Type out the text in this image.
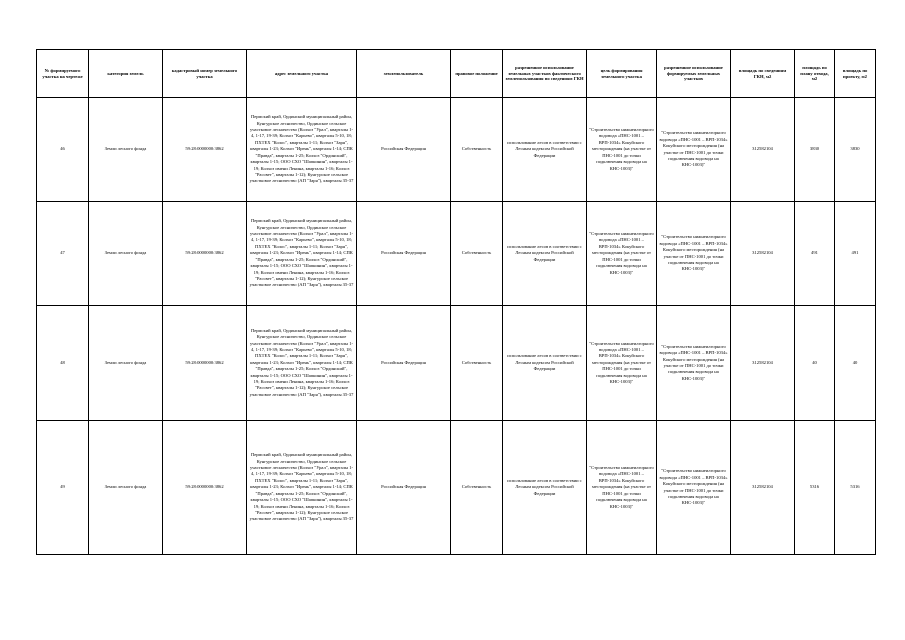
№ формируемого участка на чертеже	категория земель	кадастровый номер земельного участка	адрес земельного участка	землепользователь	правовое положение	разрешенное использование земельных участков фактического землепользования по сведениям ГКН	цель формирования земельного участка	разрешенное использование формируемых земельных участков	площадь по сведениям ГКН, м2	площадь по плану отвода, м2	площадь по проекту, м2
46	Земли лесного фонда	59:28:0000000:3862	Пермский край, Ординский муниципальный район, Кунгурское лесничество, Ординское сельское участковое лесничество (Колхоз "Урал", кварталы 1-4, 1-17, 19-39; Колхоз "Карьево", кварталы 5-10, 18; ПХТЕХ "Колос", кварталы 1-11; Колхоз "Заря", кварталы 1-23; Колхоз "Ирень", кварталы 1-14; СПК "Правда", кварталы 1-25; Колхоз "Ординский", кварталы 1-15; ООО СХО "Шапкинин", кварталы 1-19; Колхоз имени Ленина, кварталы 1-16; Колхоз "Рассвет", кварталы 1-12); Кунгурское сельское участковое лесничество (АП "Заря"), кварталы 35-37	Российская Федерация	Собственность	использование лесов в соответствии с Лесным кодексом Российской Федерации	"Строительство нижнеилгорного водовода «ПНС-1001 – ВРП-1034» Кокуйского месторождения (на участке от ПНС-1001 до точки подключения водовода на КНС-1003)"	"Строительство нижнеилгорного водовода «ПНС-1001 – ВРП-1034» Кокуйского месторождения (на участке от ПНС-1001 до точки подключения водовода на КНС-1003)"	312582104	3830	3830
47	Земли лесного фонда	59:28:0000000:3862	Пермский край, Ординский муниципальный район, Кунгурское лесничество, Ординское сельское участковое лесничество (Колхоз "Урал", кварталы 1-4, 1-17, 19-39; Колхоз "Карьево", кварталы 5-10, 18; ПХТЕХ "Колос", кварталы 1-11; Колхоз "Заря", кварталы 1-23; Колхоз "Ирень", кварталы 1-14; СПК "Правда", кварталы 1-25; Колхоз "Ординский", кварталы 1-15; ООО СХО "Шапкинин", кварталы 1-19; Колхоз имени Ленина, кварталы 1-16; Колхоз "Рассвет", кварталы 1-12); Кунгурское сельское участковое лесничество (АП "Заря"), кварталы 35-37	Российская Федерация	Собственность	использование лесов в соответствии с Лесным кодексом Российской Федерации	"Строительство нижнеилгорного водовода «ПНС-1001 – ВРП-1034» Кокуйского месторождения (на участке от ПНС-1001 до точки подключения водовода на КНС-1003)"	"Строительство нижнеилгорного водовода «ПНС-1001 – ВРП-1034» Кокуйского месторождения (на участке от ПНС-1001 до точки подключения водовода на КНС-1003)"	312582104	491	491
48	Земли лесного фонда	59:28:0000000:3862	Пермский край, Ординский муниципальный район, Кунгурское лесничество, Ординское сельское участковое лесничество (Колхоз "Урал", кварталы 1-4, 1-17, 19-39; Колхоз "Карьево", кварталы 5-10, 18; ПХТЕХ "Колос", кварталы 1-11; Колхоз "Заря", кварталы 1-23; Колхоз "Ирень", кварталы 1-14; СПК "Правда", кварталы 1-25; Колхоз "Ординский", кварталы 1-15; ООО СХО "Шапкинин", кварталы 1-19; Колхоз имени Ленина, кварталы 1-16; Колхоз "Рассвет", кварталы 1-12); Кунгурское сельское участковое лесничество (АП "Заря"), кварталы 35-37	Российская Федерация	Собственность	использование лесов в соответствии с Лесным кодексом Российской Федерации	"Строительство нижнеилгорного водовода «ПНС-1001 – ВРП-1034» Кокуйского месторождения (на участке от ПНС-1001 до точки подключения водовода на КНС-1003)"	"Строительство нижнеилгорного водовода «ПНС-1001 – ВРП-1034» Кокуйского месторождения (на участке от ПНС-1001 до точки подключения водовода на КНС-1003)"	312582104	40	40
49	Земли лесного фонда	59:28:0000000:3862	Пермский край, Ординский муниципальный район, Кунгурское лесничество, Ординское сельское участковое лесничество (Колхоз "Урал", кварталы 1-4, 1-17, 19-39; Колхоз "Карьево", кварталы 5-10, 18; ПХТЕХ "Колос", кварталы 1-11; Колхоз "Заря", кварталы 1-23; Колхоз "Ирень", кварталы 1-14; СПК "Правда", кварталы 1-25; Колхоз "Ординский", кварталы 1-15; ООО СХО "Шапкинин", кварталы 1-19; Колхоз имени Ленина, кварталы 1-16; Колхоз "Рассвет", кварталы 1-12); Кунгурское сельское участковое лесничество (АП "Заря"), кварталы 35-37	Российская Федерация	Собственность	использование лесов в соответствии с Лесным кодексом Российской Федерации	"Строительство нижнеилгорного водовода «ПНС-1001 – ВРП-1034» Кокуйского месторождения (на участке от ПНС-1001 до точки подключения водовода на КНС-1003)"	"Строительство нижнеилгорного водовода «ПНС-1001 – ВРП-1034» Кокуйского месторождения (на участке от ПНС-1001 до точки подключения водовода на КНС-1003)"	312582104	5316	5316
